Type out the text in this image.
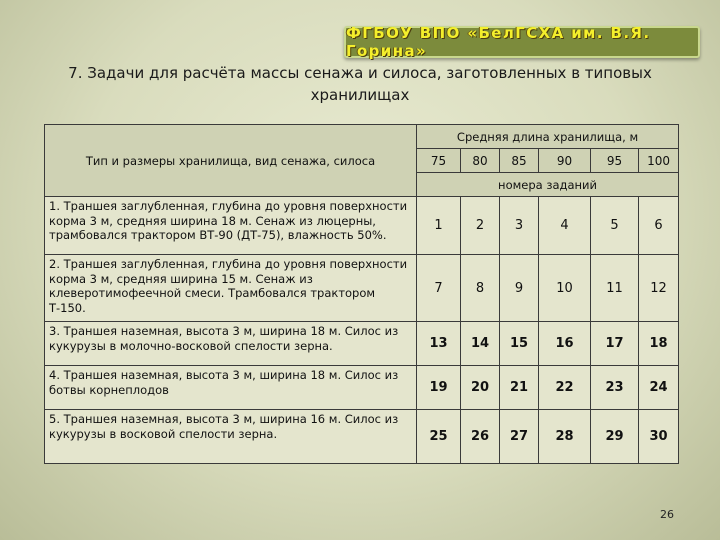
ФГБОУ ВПО «БелГСХА им. В.Я. Горина»
7. Задачи для расчёта массы сенажа и силоса, заготовленных в типовых
хранилищах
Тип и размеры хранилища, вид сенажа, силоса	Средняя длина хранилища, м					
	75	80	85	90	95	100
	номера заданий					
1. Траншея заглубленная, глубина до уровня поверхности корма 3 м, средняя ширина 18 м. Сенаж из люцерны, трамбовался трактором ВТ-90 (ДТ-75), влажность 50%.	1	2	3	4	5	6
2. Траншея заглубленная, глубина до уровня поверхности корма 3 м, средняя ширина 15 м. Сенаж из клеверотимофеечной смеси. Трамбовался трактором Т-150.	7	8	9	10	11	12
3. Траншея наземная, высота 3 м, ширина 18 м. Силос из кукурузы в молочно-восковой спелости зерна.	13	14	15	16	17	18
4. Траншея наземная, высота 3 м, ширина 18 м. Силос из ботвы корнеплодов	19	20	21	22	23	24
5. Траншея наземная, высота 3 м, ширина 16 м. Силос из кукурузы в восковой спелости зерна.	25	26	27	28	29	30
26
